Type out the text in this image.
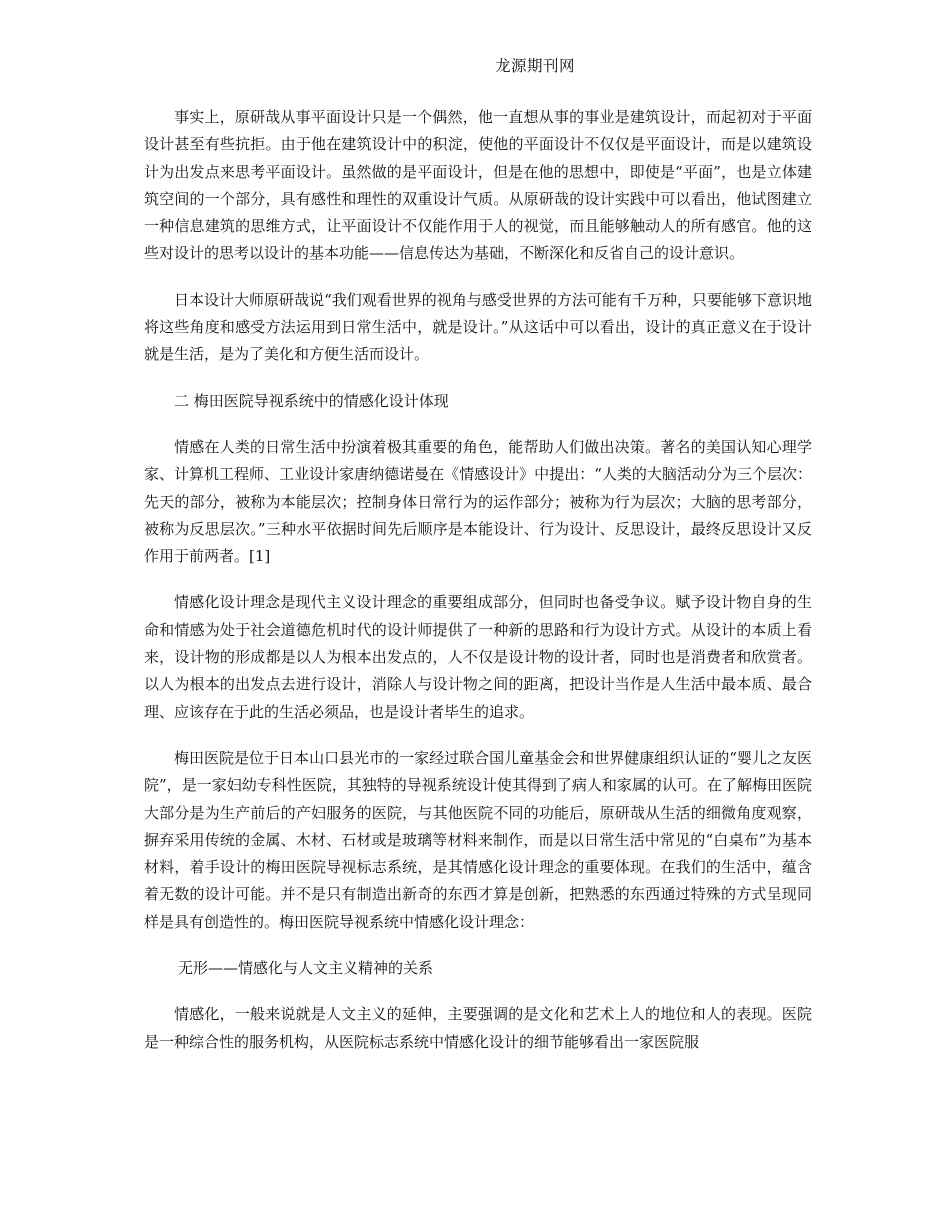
龙源期刊网

事实上，原研哉从事平面设计只是一个偶然，他一直想从事的事业是建筑设计，而起初对于平面设计甚至有些抗拒。由于他在建筑设计中的积淀，使他的平面设计不仅仅是平面设计，而是以建筑设计为出发点来思考平面设计。虽然做的是平面设计，但是在他的思想中，即使是“平面”，也是立体建筑空间的一个部分，具有感性和理性的双重设计气质。从原研哉的设计实践中可以看出，他试图建立一种信息建筑的思维方式，让平面设计不仅能作用于人的视觉，而且能够触动人的所有感官。他的这些对设计的思考以设计的基本功能——信息传达为基础，不断深化和反省自己的设计意识。

日本设计大师原研哉说“我们观看世界的视角与感受世界的方法可能有千万种，只要能够下意识地将这些角度和感受方法运用到日常生活中，就是设计。”从这话中可以看出，设计的真正意义在于设计就是生活，是为了美化和方便生活而设计。

二 梅田医院导视系统中的情感化设计体现

情感在人类的日常生活中扮演着极其重要的角色，能帮助人们做出决策。著名的美国认知心理学家、计算机工程师、工业设计家唐纳德诺曼在《情感设计》中提出：“人类的大脑活动分为三个层次：先天的部分，被称为本能层次；控制身体日常行为的运作部分；被称为行为层次；大脑的思考部分，被称为反思层次。”三种水平依据时间先后顺序是本能设计、行为设计、反思设计，最终反思设计又反作用于前两者。[1]

情感化设计理念是现代主义设计理念的重要组成部分，但同时也备受争议。赋予设计物自身的生命和情感为处于社会道德危机时代的设计师提供了一种新的思路和行为设计方式。从设计的本质上看来，设计物的形成都是以人为根本出发点的，人不仅是设计物的设计者，同时也是消费者和欣赏者。以人为根本的出发点去进行设计，消除人与设计物之间的距离，把设计当作是人生活中最本质、最合理、应该存在于此的生活必须品，也是设计者毕生的追求。

梅田医院是位于日本山口县光市的一家经过联合国儿童基金会和世界健康组织认证的“婴儿之友医院”，是一家妇幼专科性医院，其独特的导视系统设计使其得到了病人和家属的认可。在了解梅田医院大部分是为生产前后的产妇服务的医院，与其他医院不同的功能后，原研哉从生活的细微角度观察，摒弃采用传统的金属、木材、石材或是玻璃等材料来制作，而是以日常生活中常见的“白桌布”为基本材料，着手设计的梅田医院导视标志系统，是其情感化设计理念的重要体现。在我们的生活中，蕴含着无数的设计可能。并不是只有制造出新奇的东西才算是创新，把熟悉的东西通过特殊的方式呈现同样是具有创造性的。梅田医院导视系统中情感化设计理念：

无形——情感化与人文主义精神的关系

情感化，一般来说就是人文主义的延伸，主要强调的是文化和艺术上人的地位和人的表现。医院是一种综合性的服务机构，从医院标志系统中情感化设计的细节能够看出一家医院服
